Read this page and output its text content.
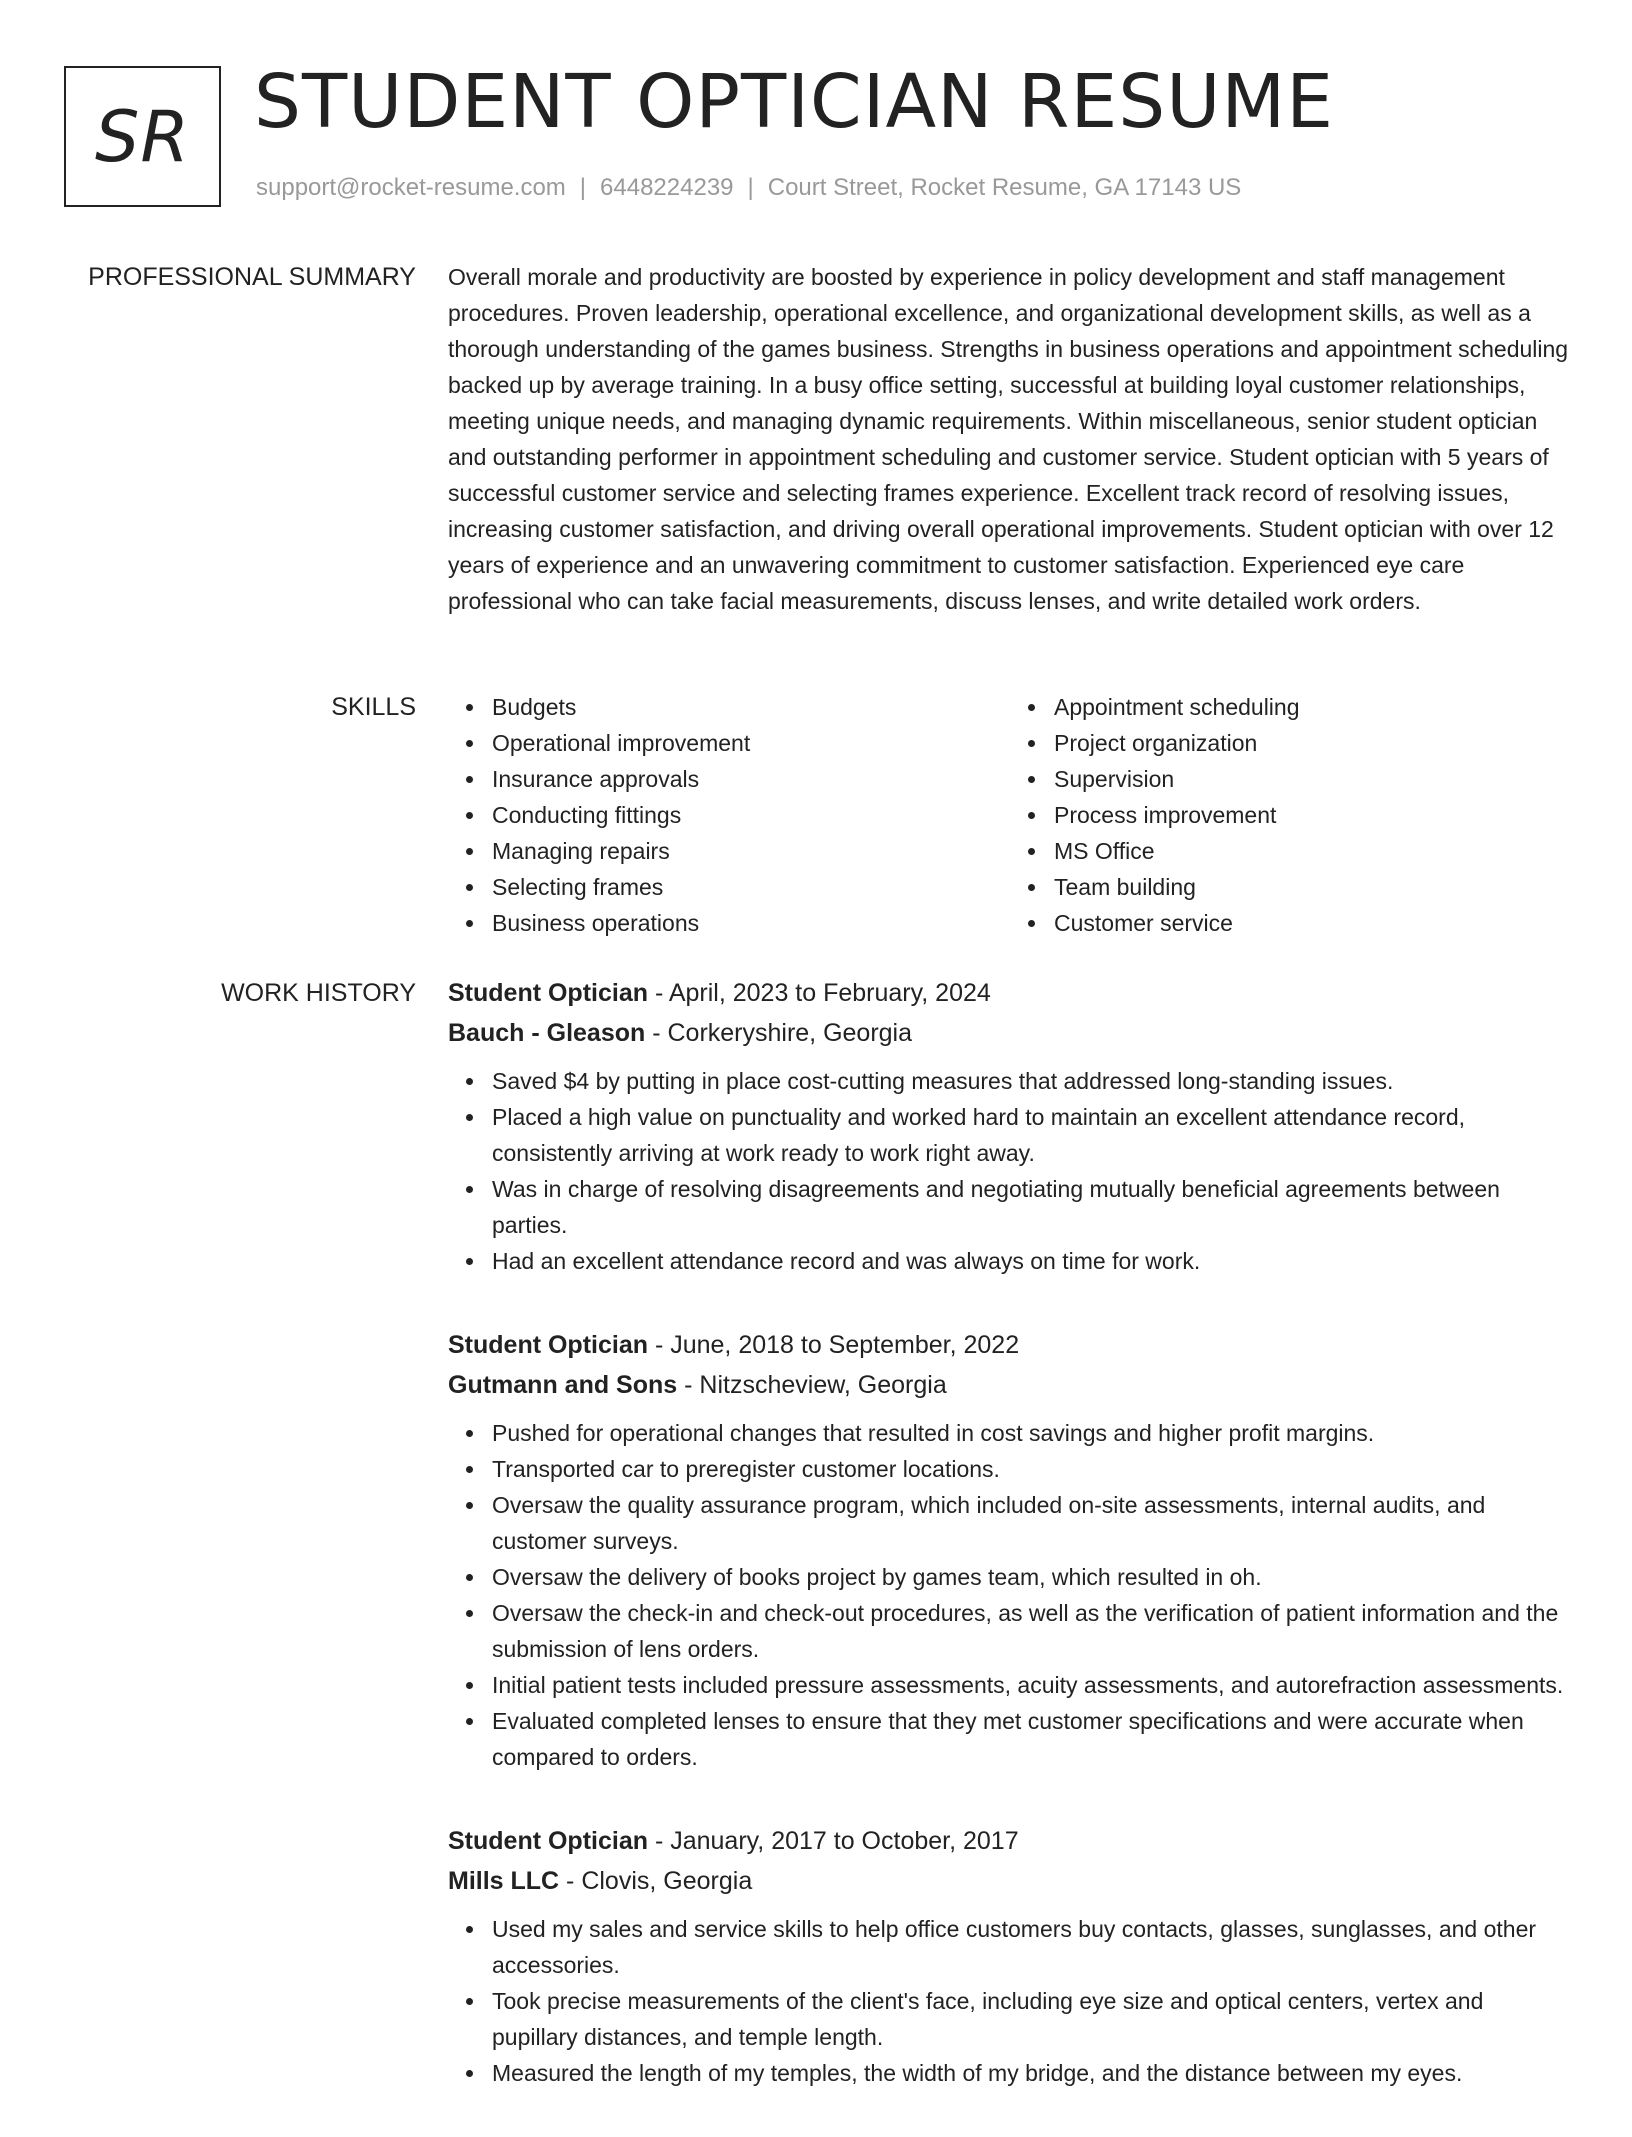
SR STUDENT OPTICIAN RESUME
support@rocket-resume.com | 6448224239 | Court Street, Rocket Resume, GA 17143 US
PROFESSIONAL SUMMARY Overall morale and productivity are boosted by experience in policy development and staff management procedures. Proven leadership, operational excellence, and organizational development skills, as well as a thorough understanding of the games business. Strengths in business operations and appointment scheduling backed up by average training. In a busy office setting, successful at building loyal customer relationships, meeting unique needs, and managing dynamic requirements. Within miscellaneous, senior student optician and outstanding performer in appointment scheduling and customer service. Student optician with 5 years of successful customer service and selecting frames experience. Excellent track record of resolving issues, increasing customer satisfaction, and driving overall operational improvements. Student optician with over 12 years of experience and an unwavering commitment to customer satisfaction. Experienced eye care professional who can take facial measurements, discuss lenses, and write detailed work orders.

SKILLS	Budgets
Operational improvement
Insurance approvals
Conducting fittings
Managing repairs
Selecting frames
Business operations
Appointment scheduling
Project organization
Supervision
Process improvement
MS Office
Team building
Customer service
WORK HISTORY Student Optician - April, 2023 to February, 2024
Bauch - Gleason - Corkeryshire, Georgia
Saved $4 by putting in place cost-cutting measures that addressed long-standing issues.
Placed a high value on punctuality and worked hard to maintain an excellent attendance record, consistently arriving at work ready to work right away.
Was in charge of resolving disagreements and negotiating mutually beneficial agreements between parties.
Had an excellent attendance record and was always on time for work.
Student Optician - June, 2018 to September, 2022
Gutmann and Sons - Nitzscheview, Georgia
Pushed for operational changes that resulted in cost savings and higher profit margins.
Transported car to preregister customer locations.
Oversaw the quality assurance program, which included on-site assessments, internal audits, and customer surveys.
Oversaw the delivery of books project by games team, which resulted in oh.
Oversaw the check-in and check-out procedures, as well as the verification of patient information and the submission of lens orders.
Initial patient tests included pressure assessments, acuity assessments, and autorefraction assessments.
Evaluated completed lenses to ensure that they met customer specifications and were accurate when compared to orders.
Student Optician - January, 2017 to October, 2017
Mills LLC - Clovis, Georgia
Used my sales and service skills to help office customers buy contacts, glasses, sunglasses, and other accessories.
Took precise measurements of the client's face, including eye size and optical centers, vertex and pupillary distances, and temple length.
Measured the length of my temples, the width of my bridge, and the distance between my eyes.
